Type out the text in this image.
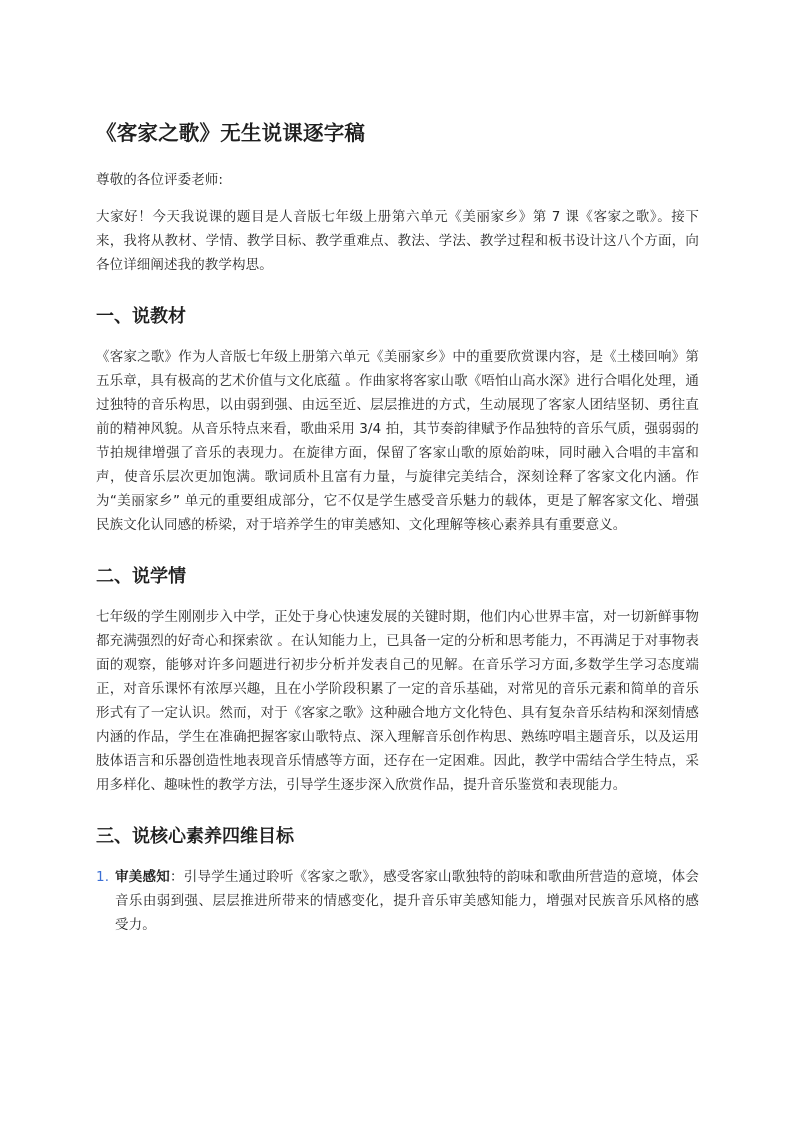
《客家之歌》无生说课逐字稿

尊敬的各位评委老师:

大家好！今天我说课的题目是人音版七年级上册第六单元《美丽家乡》第 7 课《客家之歌》。接下来，我将从教材、学情、教学目标、教学重难点、教法、学法、教学过程和板书设计这八个方面，向各位详细阐述我的教学构思。

一、说教材

《客家之歌》作为人音版七年级上册第六单元《美丽家乡》中的重要欣赏课内容，是《土楼回响》第五乐章，具有极高的艺术价值与文化底蕴 。作曲家将客家山歌《唔怕山高水深》进行合唱化处理，通过独特的音乐构思，以由弱到强、由远至近、层层推进的方式，生动展现了客家人团结坚韧、勇往直前的精神风貌。从音乐特点来看，歌曲采用 3/4 拍，其节奏韵律赋予作品独特的音乐气质，强弱弱的节拍规律增强了音乐的表现力。在旋律方面，保留了客家山歌的原始韵味，同时融入合唱的丰富和声，使音乐层次更加饱满。歌词质朴且富有力量，与旋律完美结合，深刻诠释了客家文化内涵。作为“美丽家乡” 单元的重要组成部分，它不仅是学生感受音乐魅力的载体，更是了解客家文化、增强民族文化认同感的桥梁，对于培养学生的审美感知、文化理解等核心素养具有重要意义。

二、说学情

七年级的学生刚刚步入中学，正处于身心快速发展的关键时期，他们内心世界丰富，对一切新鲜事物都充满强烈的好奇心和探索欲 。在认知能力上，已具备一定的分析和思考能力，不再满足于对事物表面的观察，能够对许多问题进行初步分析并发表自己的见解。在音乐学习方面,多数学生学习态度端正，对音乐课怀有浓厚兴趣，且在小学阶段积累了一定的音乐基础，对常见的音乐元素和简单的音乐形式有了一定认识。然而，对于《客家之歌》这种融合地方文化特色、具有复杂音乐结构和深刻情感内涵的作品，学生在准确把握客家山歌特点、深入理解音乐创作构思、熟练哼唱主题音乐，以及运用肢体语言和乐器创造性地表现音乐情感等方面，还存在一定困难。因此，教学中需结合学生特点，采用多样化、趣味性的教学方法，引导学生逐步深入欣赏作品，提升音乐鉴赏和表现能力。

三、说核心素养四维目标
1. 审美感知：引导学生通过聆听《客家之歌》，感受客家山歌独特的韵味和歌曲所营造的意境，体会音乐由弱到强、层层推进所带来的情感变化，提升音乐审美感知能力，增强对民族音乐风格的感受力。
